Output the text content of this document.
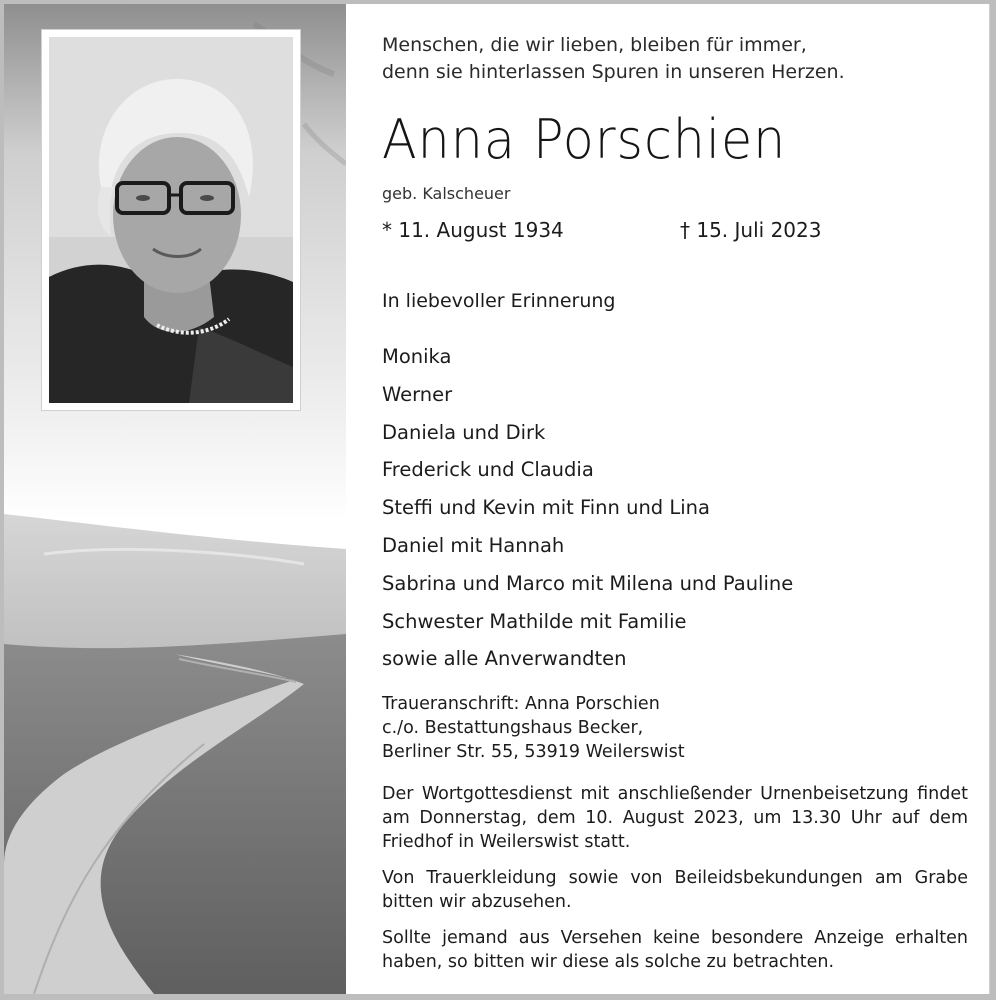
Menschen, die wir lieben, bleiben für immer,
denn sie hinterlassen Spuren in unseren Herzen.
Anna Porschien
geb. Kalscheuer
* 11. August 1934	† 15. Juli 2023
In liebevoller Erinnerung
Monika
Werner
Daniela und Dirk
Frederick und Claudia
Steffi und Kevin mit Finn und Lina
Daniel mit Hannah
Sabrina und Marco mit Milena und Pauline
Schwester Mathilde mit Familie
sowie alle Anverwandten
Traueranschrift: Anna Porschien
c./o. Bestattungshaus Becker,
Berliner Str. 55, 53919 Weilerswist
Der Wortgottesdienst mit anschließender Urnenbeisetzung findet am Donnerstag, dem 10. August 2023, um 13.30 Uhr auf dem Friedhof in Weilerswist statt.
Von Trauerkleidung sowie von Beileidsbekundungen am Grabe bitten wir abzusehen.
Sollte jemand aus Versehen keine besondere Anzeige erhalten haben, so bitten wir diese als solche zu betrachten.
